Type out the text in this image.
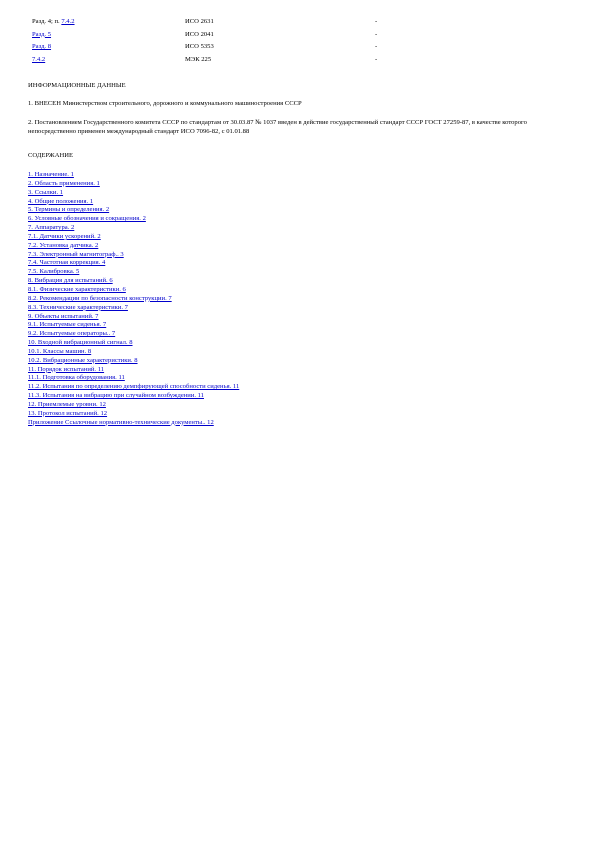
Разд. 4; п. 7.4.2	ИСО 2631	-
Разд. 5	ИСО 2041	-
Разд. 8	ИСО 5353	-
7.4.2	МЭК 225	-
ИНФОРМАЦИОННЫЕ ДАННЫЕ
1. ВНЕСЕН Министерством строительного, дорожного и коммунального машиностроения СССР
2. Постановлением Государственного комитета СССР по стандартам от 30.03.87 № 1037 введен в действие государственный стандарт СССР ГОСТ 27259-87, в качестве которого непосредственно применен международный стандарт ИСО 7096-82, с 01.01.88
СОДЕРЖАНИЕ
1. Назначение. 1
2. Область применения. 1
3. Ссылки. 1
4. Общие положения. 1
5. Термины и определения. 2
6. Условные обозначения и сокращения. 2
7. Аппаратура. 2
7.1. Датчики ускорений. 2
7.2. Установка датчика. 2
7.3. Электронный магнитограф.. 3
7.4. Частотная коррекция. 4
7.5. Калибровка. 5
8. Вибрация для испытаний. 6
8.1. Физические характеристики. 6
8.2. Рекомендации по безопасности конструкции. 7
8.3. Технические характеристики. 7
9. Объекты испытаний. 7
9.1. Испытуемые сиденья. 7
9.2. Испытуемые операторы.. 7
10. Входной вибрационный сигнал. 8
10.1. Классы машин. 8
10.2. Вибрационные характеристики. 8
11. Порядок испытаний. 11
11.1. Подготовка оборудования. 11
11.2. Испытания по определению демпфирующей способности сиденья. 11
11.3. Испытания на вибрацию при случайном возбуждении. 11
12. Приемлемые уровни. 12
13. Протокол испытаний. 12
Приложение Ссылочные нормативно-технические документы.. 12
